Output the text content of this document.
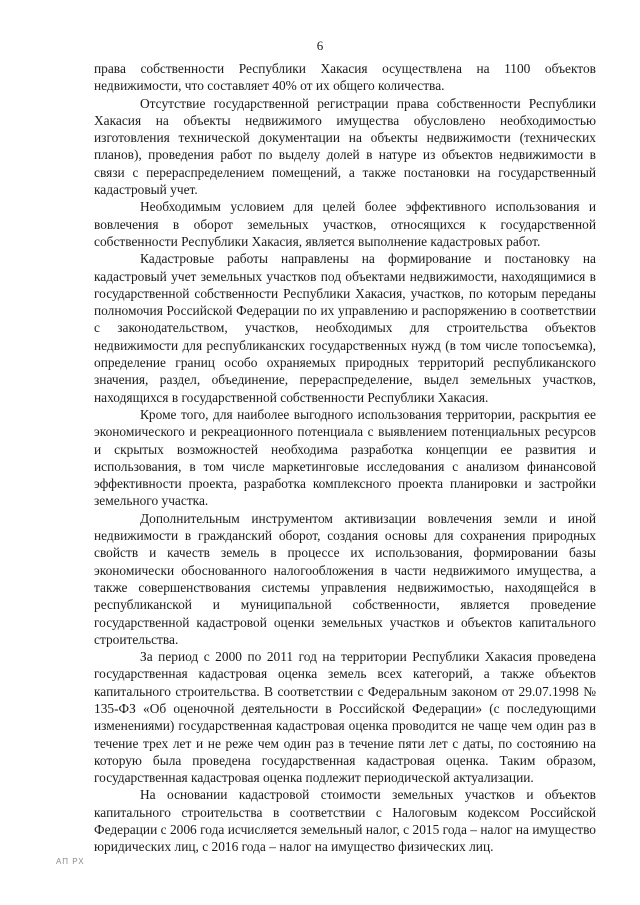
6

права собственности Республики Хакасия осуществлена на 1100 объектов недвижимости, что составляет 40% от их общего количества.

Отсутствие государственной регистрации права собственности Республики Хакасия на объекты недвижимого имущества обусловлено необходимостью изготовления технической документации на объекты недвижимости (технических планов), проведения работ по выделу долей в натуре из объектов недвижимости в связи с перераспределением помещений, а также постановки на государственный кадастровый учет.

Необходимым условием для целей более эффективного использования и вовлечения в оборот земельных участков, относящихся к государственной собственности Республики Хакасия, является выполнение кадастровых работ.

Кадастровые работы направлены на формирование и постановку на кадастровый учет земельных участков под объектами недвижимости, находящимися в государственной собственности Республики Хакасия, участков, по которым переданы полномочия Российской Федерации по их управлению и распоряжению в соответствии с законодательством, участков, необходимых для строительства объектов недвижимости для республиканских государственных нужд (в том числе топосъемка), определение границ особо охраняемых природных территорий республиканского значения, раздел, объединение, перераспределение, выдел земельных участков, находящихся в государственной собственности Республики Хакасия.

Кроме того, для наиболее выгодного использования территории, раскрытия ее экономического и рекреационного потенциала с выявлением потенциальных ресурсов и скрытых возможностей необходима разработка концепции ее развития и использования, в том числе маркетинговые исследования с анализом финансовой эффективности проекта, разработка комплексного проекта планировки и застройки земельного участка.

Дополнительным инструментом активизации вовлечения земли и иной недвижимости в гражданский оборот, создания основы для сохранения природных свойств и качеств земель в процессе их использования, формировании базы экономически обоснованного налогообложения в части недвижимого имущества, а также совершенствования системы управления недвижимостью, находящейся в республиканской и муниципальной собственности, является проведение государственной кадастровой оценки земельных участков и объектов капитального строительства.

За период с 2000 по 2011 год на территории Республики Хакасия проведена государственная кадастровая оценка земель всех категорий, а также объектов капитального строительства. В соответствии с Федеральным законом от 29.07.1998 № 135-ФЗ «Об оценочной деятельности в Российской Федерации» (с последующими изменениями) государственная кадастровая оценка проводится не чаще чем один раз в течение трех лет и не реже чем один раз в течение пяти лет с даты, по состоянию на которую была проведена государственная кадастровая оценка. Таким образом, государственная кадастровая оценка подлежит периодической актуализации.

На основании кадастровой стоимости земельных участков и объектов капитального строительства в соответствии с Налоговым кодексом Российской Федерации с 2006 года исчисляется земельный налог, с 2015 года – налог на имущество юридических лиц, с 2016 года – налог на имущество физических лиц.

АП РХ
